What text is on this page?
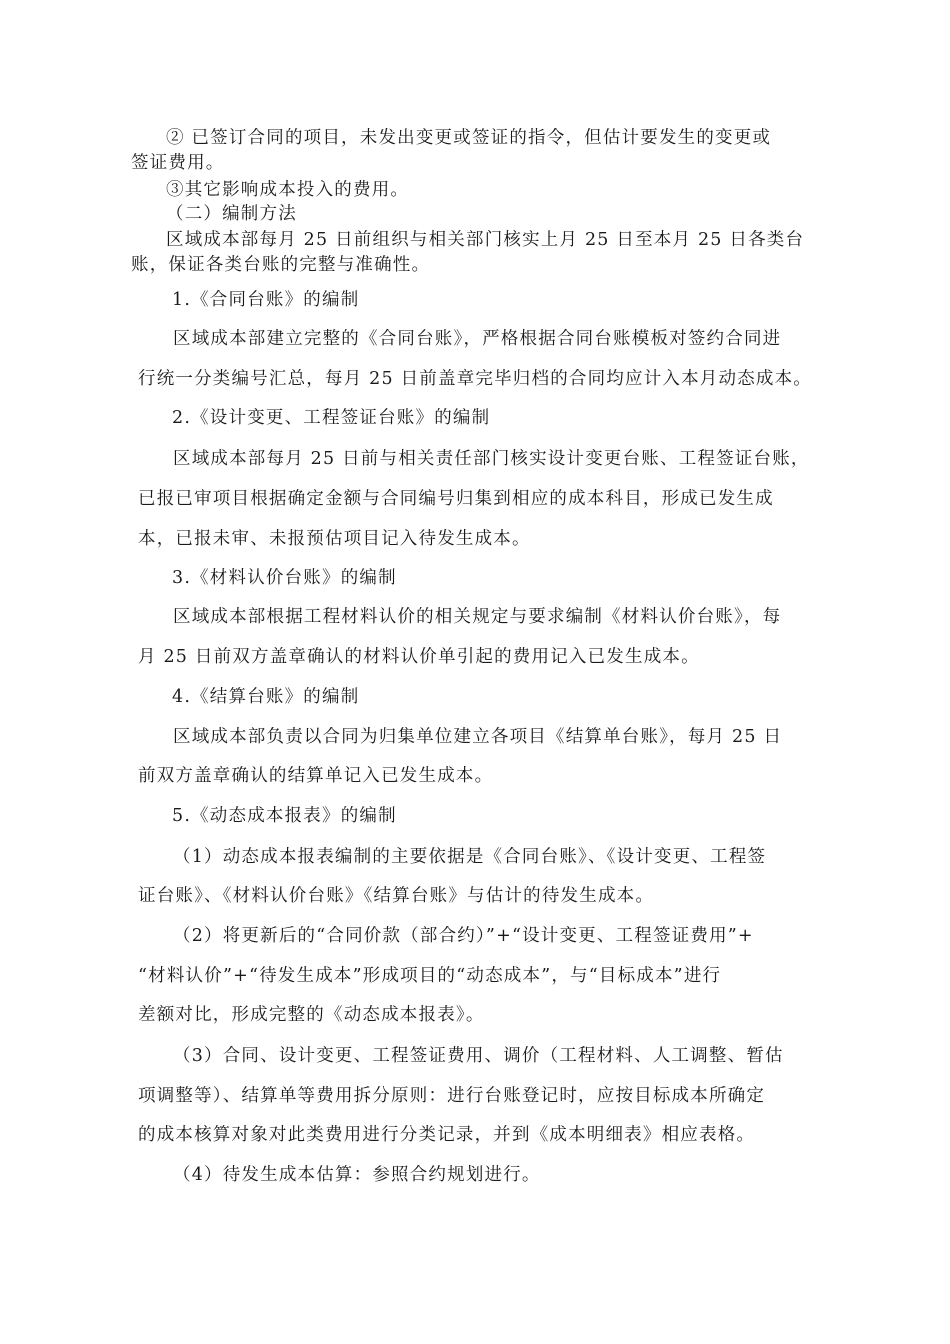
② 已签订合同的项目，未发出变更或签证的指令，但估计要发生的变更或
签证费用。
③其它影响成本投入的费用。
（二）编制方法
区域成本部每月 25 日前组织与相关部门核实上月 25 日至本月 25 日各类台
账，保证各类台账的完整与准确性。
1.《合同台账》的编制
区域成本部建立完整的《合同台账》，严格根据合同台账模板对签约合同进
行统一分类编号汇总，每月 25 日前盖章完毕归档的合同均应计入本月动态成本。
2.《设计变更、工程签证台账》的编制
区域成本部每月 25 日前与相关责任部门核实设计变更台账、工程签证台账，
已报已审项目根据确定金额与合同编号归集到相应的成本科目，形成已发生成
本，已报未审、未报预估项目记入待发生成本。
3.《材料认价台账》的编制
区域成本部根据工程材料认价的相关规定与要求编制《材料认价台账》，每
月 25 日前双方盖章确认的材料认价单引起的费用记入已发生成本。
4.《结算台账》的编制
区域成本部负责以合同为归集单位建立各项目《结算单台账》，每月 25 日
前双方盖章确认的结算单记入已发生成本。
5.《动态成本报表》的编制
（1）动态成本报表编制的主要依据是《合同台账》、《设计变更、工程签
证台账》、《材料认价台账》《结算台账》与估计的待发生成本。
（2）将更新后的“合同价款（部合约）”+“设计变更、工程签证费用”+
“材料认价”+“待发生成本”形成项目的“动态成本”，与“目标成本”进行
差额对比，形成完整的《动态成本报表》。
（3）合同、设计变更、工程签证费用、调价（工程材料、人工调整、暂估
项调整等）、结算单等费用拆分原则：进行台账登记时，应按目标成本所确定
的成本核算对象对此类费用进行分类记录，并到《成本明细表》相应表格。
（4）待发生成本估算：参照合约规划进行。
